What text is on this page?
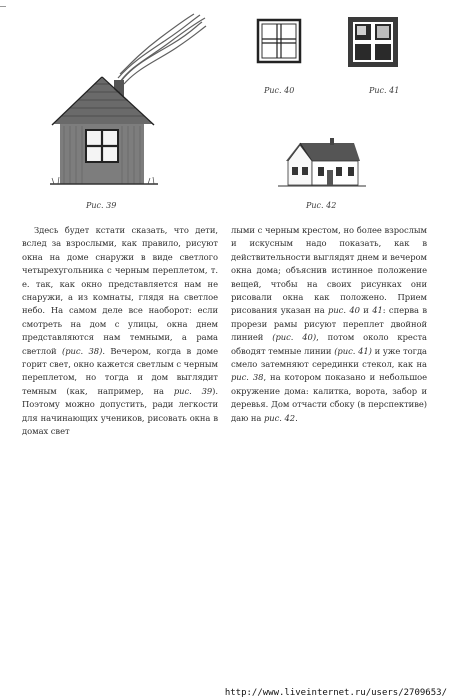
Рис. 39
Рис. 40	Рис. 41
Рис. 42

Здесь будет кстати сказать, что дети, вслед за взрослыми, как правило, рисуют окна на доме снаружи в виде светлого четырехугольника с черным переплетом, т. е. так, как окно представляется нам не снаружи, а из комнаты, глядя на светлое небо. На самом деле все наоборот: если смотреть на дом с улицы, окна днем представляются нам темными, а рама светлой (рис. 38). Вечером, когда в доме горит свет, окно кажется светлым с черным переплетом, но тогда и дом выглядит темным (как, например, на рис. 39). Поэтому можно допустить, ради легкости для начинающих учеников, рисовать окна в домах свет

лыми с черным крестом, но более взрослым и искусным надо показать, как в действительности выглядят днем и вечером окна дома; объяснив истинное положение вещей, чтобы на своих рисунках они рисовали окна как положено. Прием рисования указан на рис. 40 и 41: сперва в прорези рамы рисуют переплет двойной линией (рис. 40), потом около креста обводят темные линии (рис. 41) и уже тогда смело затемняют серединки стекол, как на рис. 38, на котором показано и небольшое окружение дома: калитка, ворота, забор и деревья. Дом отчасти сбоку (в перспективе) даю на рис. 42.

http://www.liveinternet.ru/users/2709653/
